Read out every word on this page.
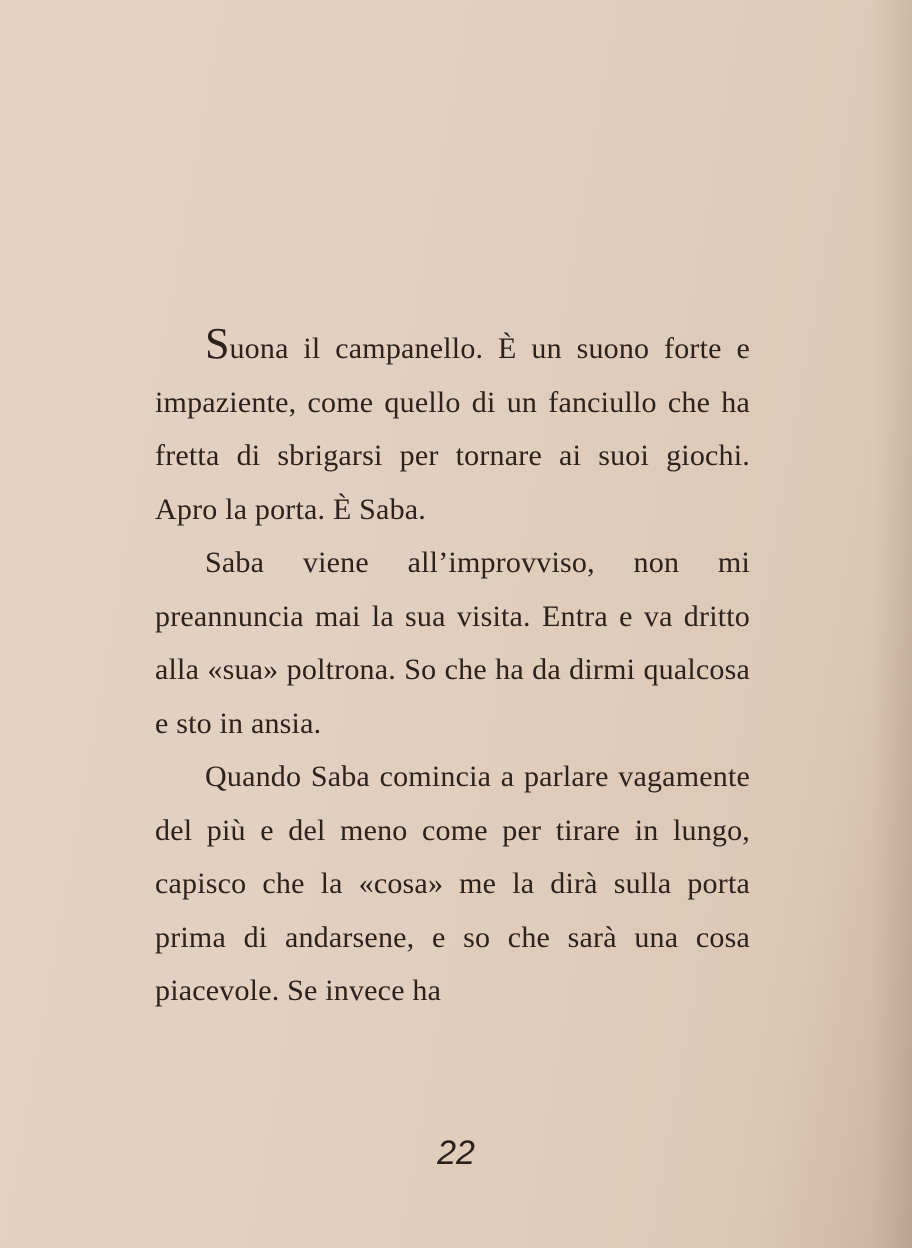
Suona il campanello. È un suono forte e impaziente, come quello di un fanciullo che ha fretta di sbrigarsi per tornare ai suoi giochi. Apro la porta. È Saba.

Saba viene all’improvviso, non mi preannuncia mai la sua visita. Entra e va dritto alla «sua» poltrona. So che ha da dirmi qualcosa e sto in ansia.

Quando Saba comincia a parlare vagamente del più e del meno come per tirare in lungo, capisco che la «cosa» me la dirà sulla porta prima di andarsene, e so che sarà una cosa piacevole. Se invece ha

22
